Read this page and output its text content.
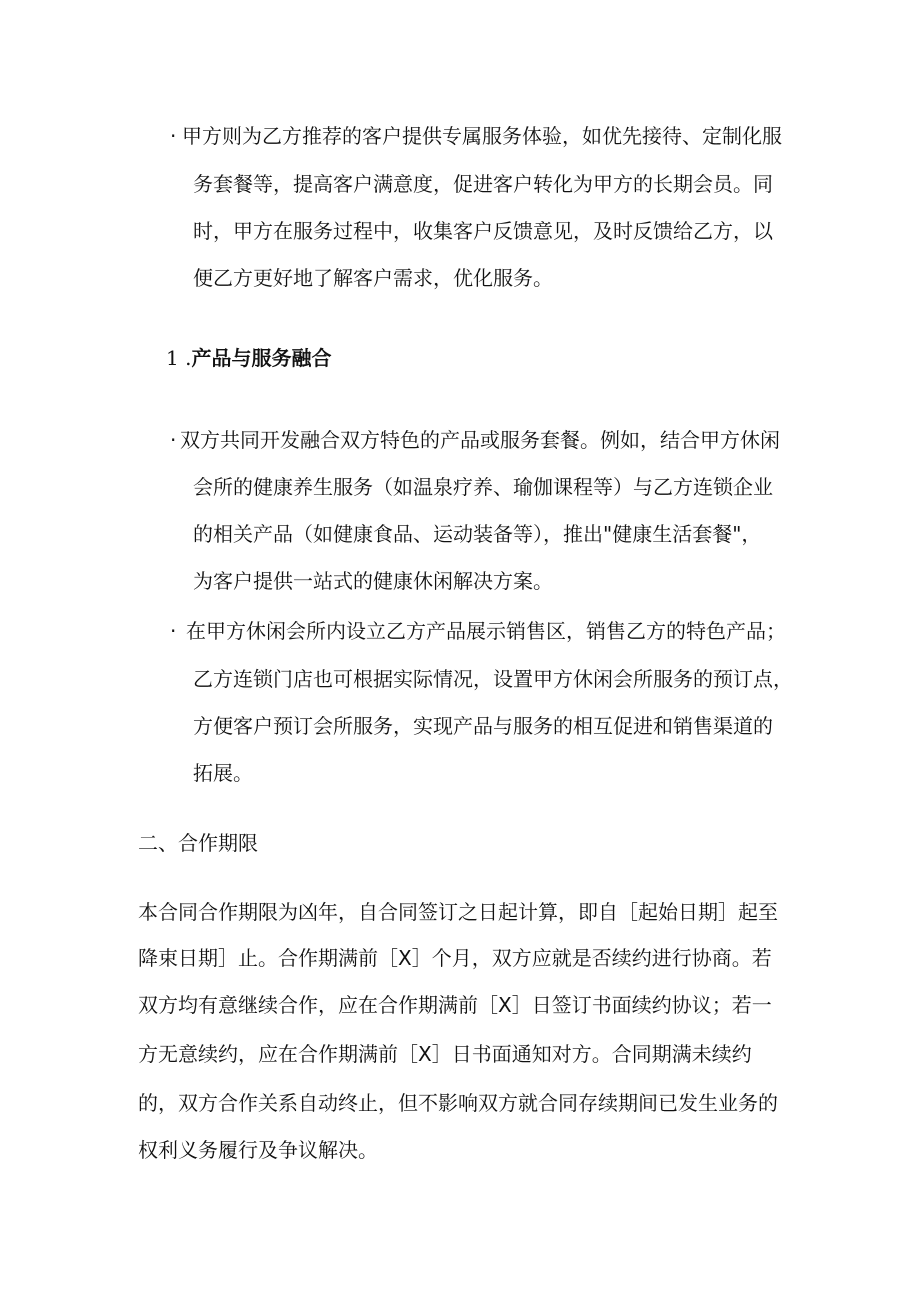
· 甲方则为乙方推荐的客户提供专属服务体验，如优先接待、定制化服
务套餐等，提高客户满意度，促进客户转化为甲方的长期会员。同
时，甲方在服务过程中，收集客户反馈意见，及时反馈给乙方，以
便乙方更好地了解客户需求，优化服务。
1 .产品与服务融合
· 双方共同开发融合双方特色的产品或服务套餐。例如，结合甲方休闲
会所的健康养生服务（如温泉疗养、瑜伽课程等）与乙方连锁企业
的相关产品（如健康食品、运动装备等），推出"健康生活套餐"，
为客户提供一站式的健康休闲解决方案。
· 在甲方休闲会所内设立乙方产品展示销售区，销售乙方的特色产品；
乙方连锁门店也可根据实际情况，设置甲方休闲会所服务的预订点，
方便客户预订会所服务，实现产品与服务的相互促进和销售渠道的
拓展。
二、合作期限
本合同合作期限为凶年，自合同签订之日起计算，即自［起始日期］起至
降束日期］止。合作期满前［X］个月，双方应就是否续约进行协商。若
双方均有意继续合作，应在合作期满前［X］日签订书面续约协议；若一
方无意续约，应在合作期满前［X］日书面通知对方。合同期满未续约
的，双方合作关系自动终止，但不影响双方就合同存续期间已发生业务的
权利义务履行及争议解决。
